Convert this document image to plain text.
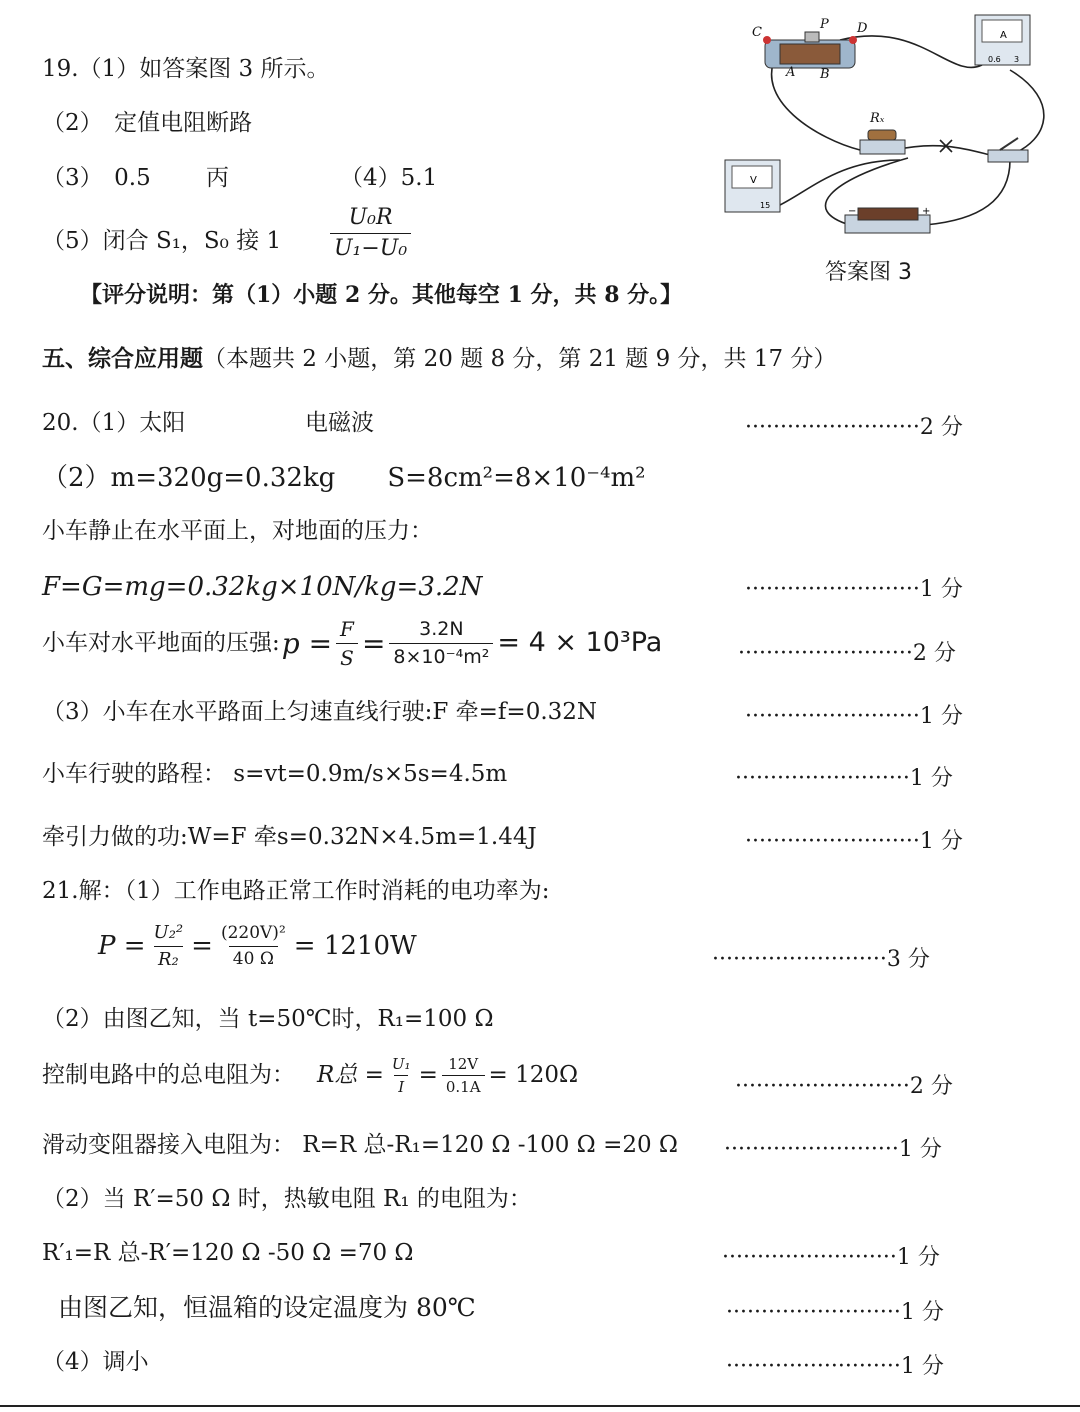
19.（1）如答案图 3 所示。
（2）　定值电阻断路
（3）　0.5 丙	（4）5.1
（5）闭合 S₁，S₀ 接 $1 \frac{\text{U₀R}}{\text{U₁−U₀}}$
【评分说明：第（1）小题 2 分。其他每空 1 分，共 8 分。】
C
P D
A B
Rₓ
A
0.6 3
V
15
−	+
答案图 3
五、综合应用题（本题共 2 小题，第 20 题 8 分，第 21 题 9 分，共 17 分）
20.（1）太阳	电磁波	·························2 分
（2）m=320g=0.32kg　　S=8cm²=8×10⁻⁴m²
小车静止在水平面上，对地面的压力：
F=G=mg=0.32kg×10N/kg=3.2N	·························1 分
小车对水平地面的压强: $p = \frac{F}{S} = \frac{3.2N}{\text{8×10⁻⁴m²}} = 4 \times 10^3Pa$	·························2 分
（3）小车在水平路面上匀速直线行驶:F 牵=f=0.32N	·························1 分
小车行驶的路程： s=vt=0.9m/s×5s=4.5m	·························1 分
牵引力做的功:W=F 牵s=0.32N×4.5m=1.44J	·························1 分
21.解：（1）工作电路正常工作时消耗的电功率为:
$P = \frac{\text{U₂²}}{\text{R₂}} = \frac{\text{(220V)²}}{40 \Omega} = 1210W$	·························3 分
（2）由图乙知，当 t=50℃时，R₁=100 Ω
控制电路中的总电阻为： R总 = $\frac{\text{U₁}}{I} = \frac{12V}{0.1A} = 120\Omega$	·························2 分
滑动变阻器接入电阻为： R=R 总-R₁=120 Ω -100 Ω =20 Ω ·························1 分
（2）当 R′=50 Ω 时，热敏电阻 R₁ 的电阻为：
R′₁=R 总-R′=120 Ω -50 Ω =70 Ω	·························1 分
由图乙知，恒温箱的设定温度为 80℃	·························1 分
（4）调小	·························1 分
